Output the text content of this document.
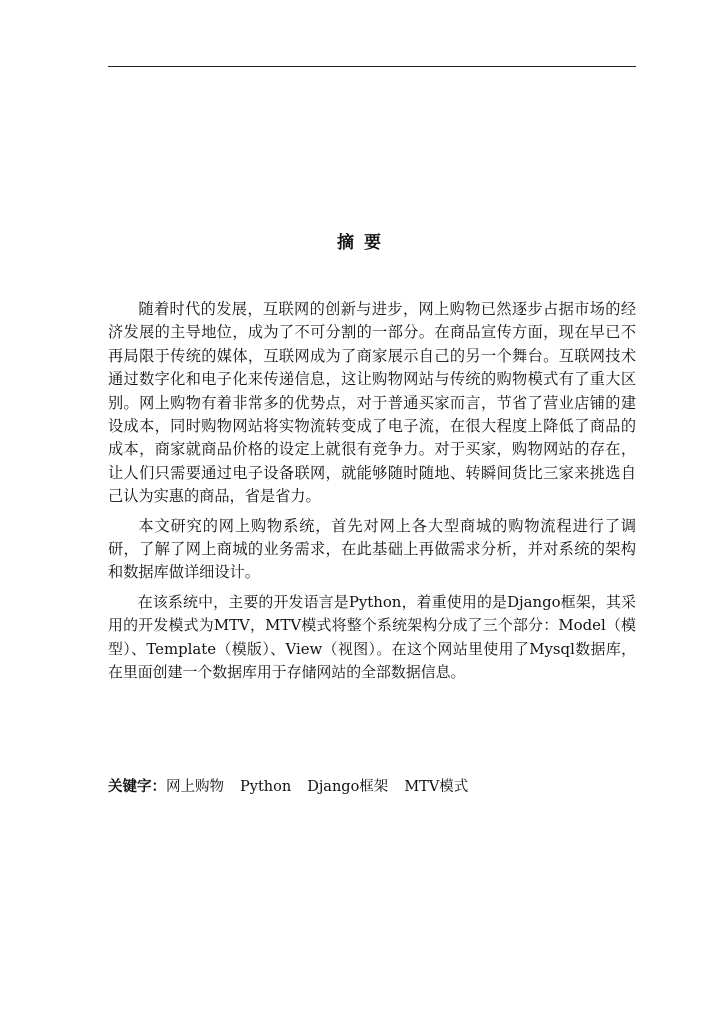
摘 要

随着时代的发展，互联网的创新与进步，网上购物已然逐步占据市场的经济发展的主导地位，成为了不可分割的一部分。在商品宣传方面，现在早已不再局限于传统的媒体，互联网成为了商家展示自己的另一个舞台。互联网技术通过数字化和电子化来传递信息，这让购物网站与传统的购物模式有了重大区别。网上购物有着非常多的优势点，对于普通买家而言，节省了营业店铺的建设成本，同时购物网站将实物流转变成了电子流，在很大程度上降低了商品的成本，商家就商品价格的设定上就很有竞争力。对于买家，购物网站的存在，让人们只需要通过电子设备联网，就能够随时随地、转瞬间货比三家来挑选自己认为实惠的商品，省是省力。

本文研究的网上购物系统，首先对网上各大型商城的购物流程进行了调研，了解了网上商城的业务需求，在此基础上再做需求分析，并对系统的架构和数据库做详细设计。

在该系统中，主要的开发语言是Python，着重使用的是Django框架，其采用的开发模式为MTV，MTV模式将整个系统架构分成了三个部分：Model（模型）、Template（模版）、View（视图）。在这个网站里使用了Mysql数据库，在里面创建一个数据库用于存储网站的全部数据信息。

关键字：网上购物 Python Django框架 MTV模式
